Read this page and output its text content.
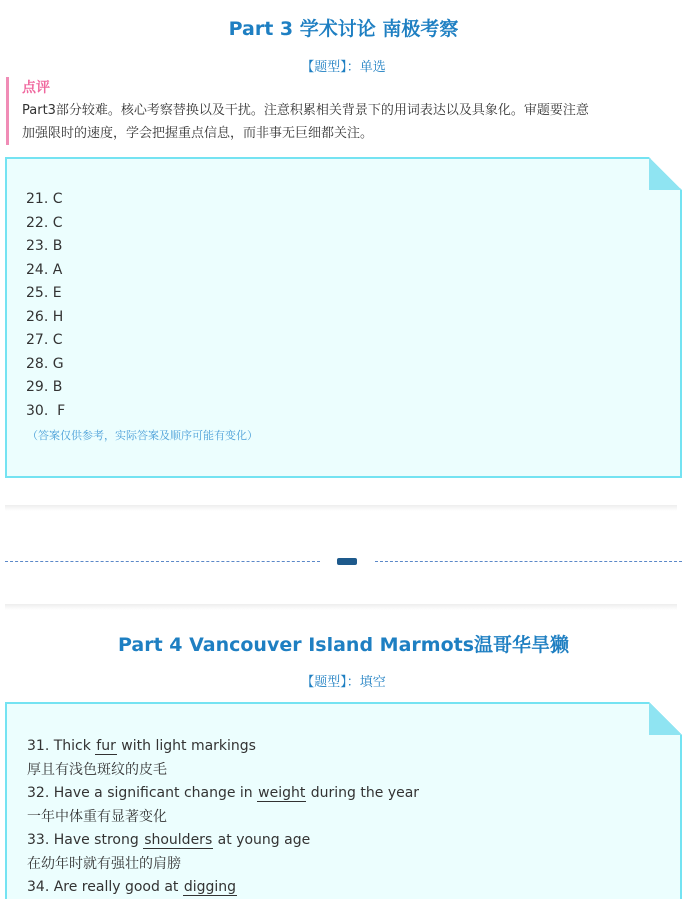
Part 3 学术讨论 南极考察
【题型】：单选
点评
Part3部分较难。核心考察替换以及干扰。注意积累相关背景下的用词表达以及具象化。审题要注意
加强限时的速度，学会把握重点信息，而非事无巨细都关注。
21. C
22. C
23. B
24. A
25. E
26. H
27. C
28. G
29. B
30.  F
（答案仅供参考，实际答案及顺序可能有变化）
Part 4 Vancouver Island Marmots温哥华旱獭
【题型】：填空
31. Thick fur with light markings
厚且有浅色斑纹的皮毛
32. Have a significant change in weight during the year
一年中体重有显著变化
33. Have strong shoulders at young age
在幼年时就有强壮的肩膀
34. Are really good at digging
